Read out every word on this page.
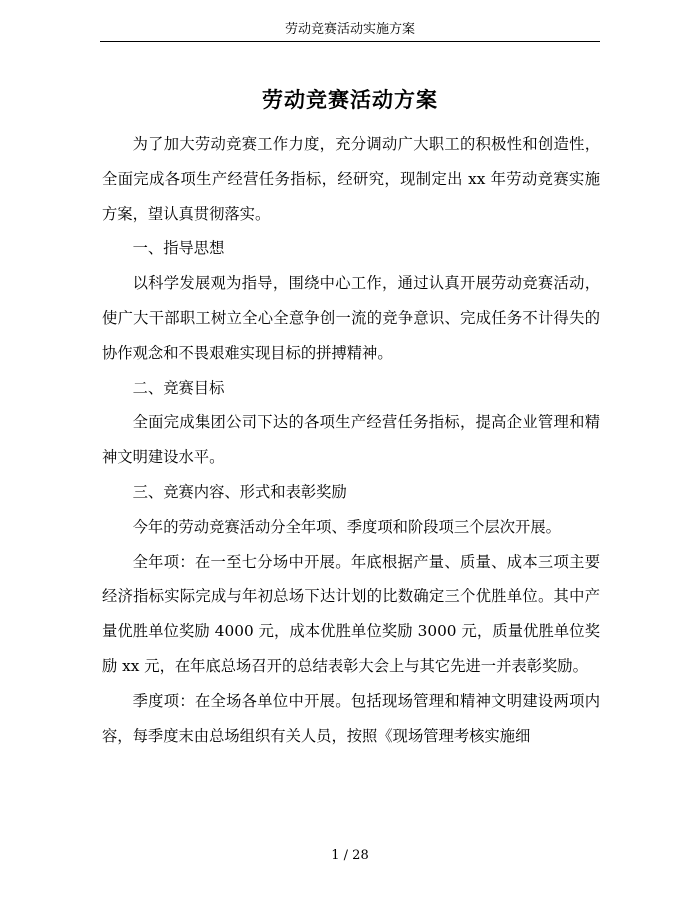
劳动竞赛活动实施方案
劳动竞赛活动方案

为了加大劳动竞赛工作力度，充分调动广大职工的积极性和创造性，全面完成各项生产经营任务指标，经研究，现制定出 xx 年劳动竞赛实施方案，望认真贯彻落实。

一、指导思想

以科学发展观为指导，围绕中心工作，通过认真开展劳动竞赛活动，使广大干部职工树立全心全意争创一流的竞争意识、完成任务不计得失的协作观念和不畏艰难实现目标的拼搏精神。

二、竞赛目标

全面完成集团公司下达的各项生产经营任务指标，提高企业管理和精神文明建设水平。

三、竞赛内容、形式和表彰奖励

今年的劳动竞赛活动分全年项、季度项和阶段项三个层次开展。

全年项：在一至七分场中开展。年底根据产量、质量、成本三项主要经济指标实际完成与年初总场下达计划的比数确定三个优胜单位。其中产量优胜单位奖励 4000 元，成本优胜单位奖励 3000 元，质量优胜单位奖励 xx 元，在年底总场召开的总结表彰大会上与其它先进一并表彰奖励。

季度项：在全场各单位中开展。包括现场管理和精神文明建设两项内容，每季度末由总场组织有关人员，按照《现场管理考核实施细

1 / 28
